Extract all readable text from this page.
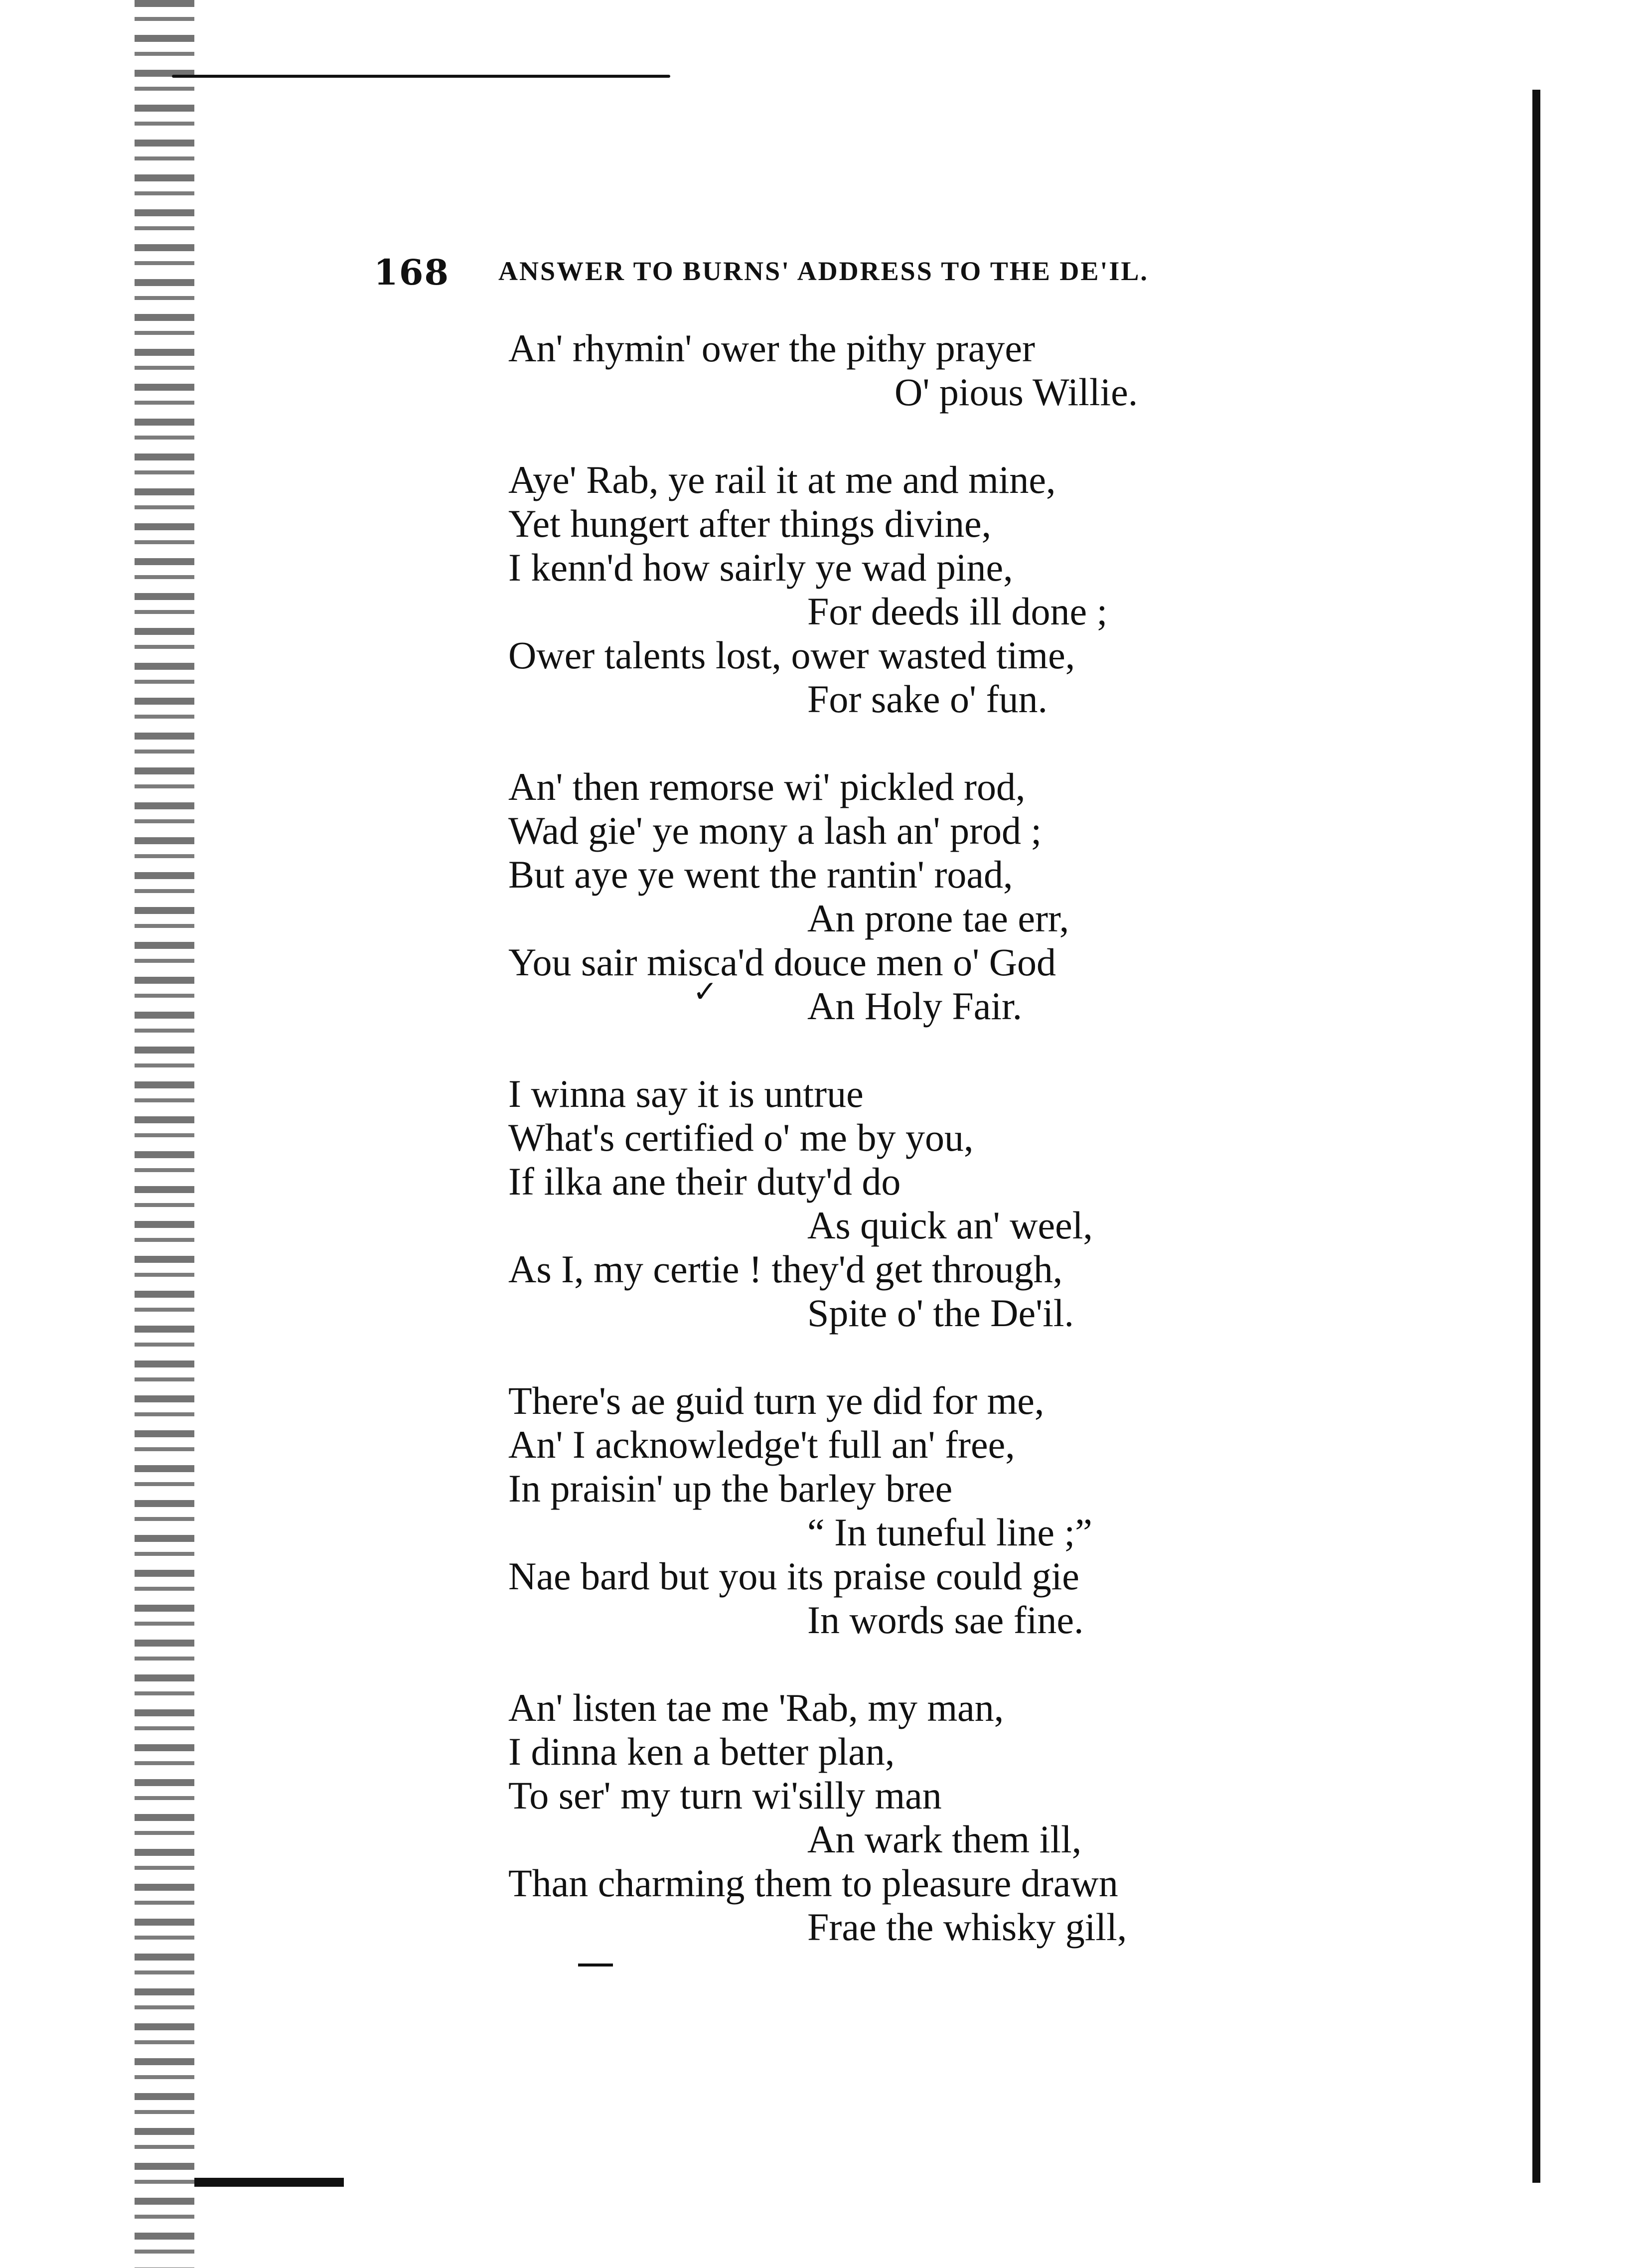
168 ANSWER TO BURNS' ADDRESS TO THE DE'IL.
An' rhymin' ower the pithy prayer
O' pious Willie.
Aye' Rab, ye rail it at me and mine,
Yet hungert after things divine,
I kenn'd how sairly ye wad pine,
For deeds ill done ;
Ower talents lost, ower wasted time,
For sake o' fun.
An' then remorse wi' pickled rod,
Wad gie' ye mony a lash an' prod ;
But aye ye went the rantin' road,
An prone tae err,
You sair misca'd douce men o' God
An Holy Fair.
I winna say it is untrue
What's certified o' me by you,
If ilka ane their duty'd do
As quick an' weel,
As I, my certie ! they'd get through,
Spite o' the De'il.
There's ae guid turn ye did for me,
An' I acknowledge't full an' free,
In praisin' up the barley bree
“ In tuneful line ;”
Nae bard but you its praise could gie
In words sae fine.
An' listen tae me 'Rab, my man,
I dinna ken a better plan,
To ser' my turn wi'silly man
An wark them ill,
Than charming them to pleasure drawn
Frae the whisky gill,
✓
